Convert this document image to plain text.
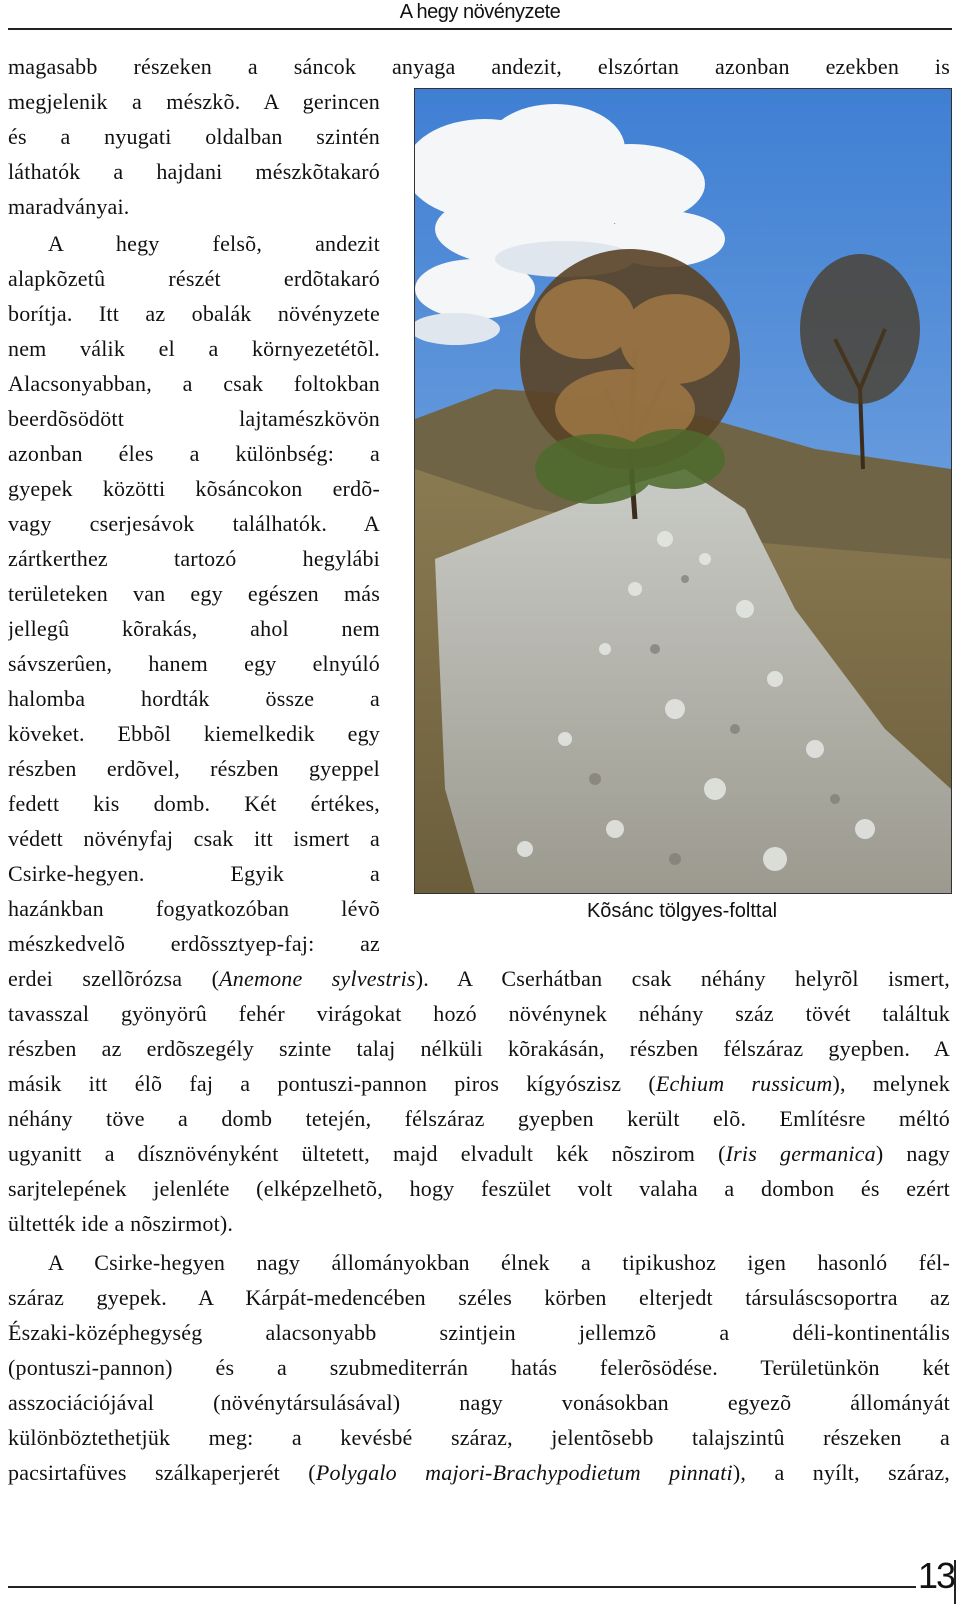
A hegy növényzete
magasabb részeken a sáncok anyaga andezit, elszórtan azonban ezekben is
megjelenik a mészkõ. A gerincen
és a nyugati oldalban szintén
láthatók a hajdani mészkõtakaró
maradványai.
A hegy felsõ, andezit
alapkõzetû részét erdõtakaró
borítja. Itt az obalák növényzete
nem válik el a környezetétõl.
Alacsonyabban, a csak foltokban
beerdõsödött lajtamészkövön
azonban éles a különbség: a
gyepek közötti kõsáncokon erdõ-
vagy cserjesávok találhatók. A
zártkerthez tartozó hegylábi
területeken van egy egészen más
jellegû kõrakás, ahol nem
sávszerûen, hanem egy elnyúló
halomba hordták össze a
köveket. Ebbõl kiemelkedik egy
részben erdõvel, részben gyeppel
fedett kis domb. Két értékes,
védett növényfaj csak itt ismert a
Csirke-hegyen. Egyik a
hazánkban fogyatkozóban lévõ
mészkedvelõ erdõssztyep-faj: az
Kõsánc tölgyes-folttal
erdei szellõrózsa (Anemone sylvestris). A Cserhátban csak néhány helyrõl ismert,
tavasszal gyönyörû fehér virágokat hozó növénynek néhány száz tövét találtuk
részben az erdõszegély szinte talaj nélküli kõrakásán, részben félszáraz gyepben. A
másik itt élõ faj a pontuszi-pannon piros kígyószisz (Echium russicum), melynek
néhány töve a domb tetején, félszáraz gyepben került elõ. Említésre méltó
ugyanitt a dísznövényként ültetett, majd elvadult kék nõszirom (Iris germanica) nagy
sarjtelepének jelenléte (elképzelhetõ, hogy feszület volt valaha a dombon és ezért
ültették ide a nõszirmot).
A Csirke-hegyen nagy állományokban élnek a tipikushoz igen hasonló fél-
száraz gyepek. A Kárpát-medencében széles körben elterjedt társuláscsoportra az
Északi-középhegység alacsonyabb szintjein jellemzõ a déli-kontinentális
(pontuszi-pannon) és a szubmediterrán hatás felerõsödése. Területünkön két
asszociációjával (növénytársulásával) nagy vonásokban egyezõ állományát
különböztethetjük meg: a kevésbé száraz, jelentõsebb talajszintû részeken a
pacsirtafüves szálkaperjerét (Polygalo majori-Brachypodietum pinnati), a nyílt, száraz,
13
